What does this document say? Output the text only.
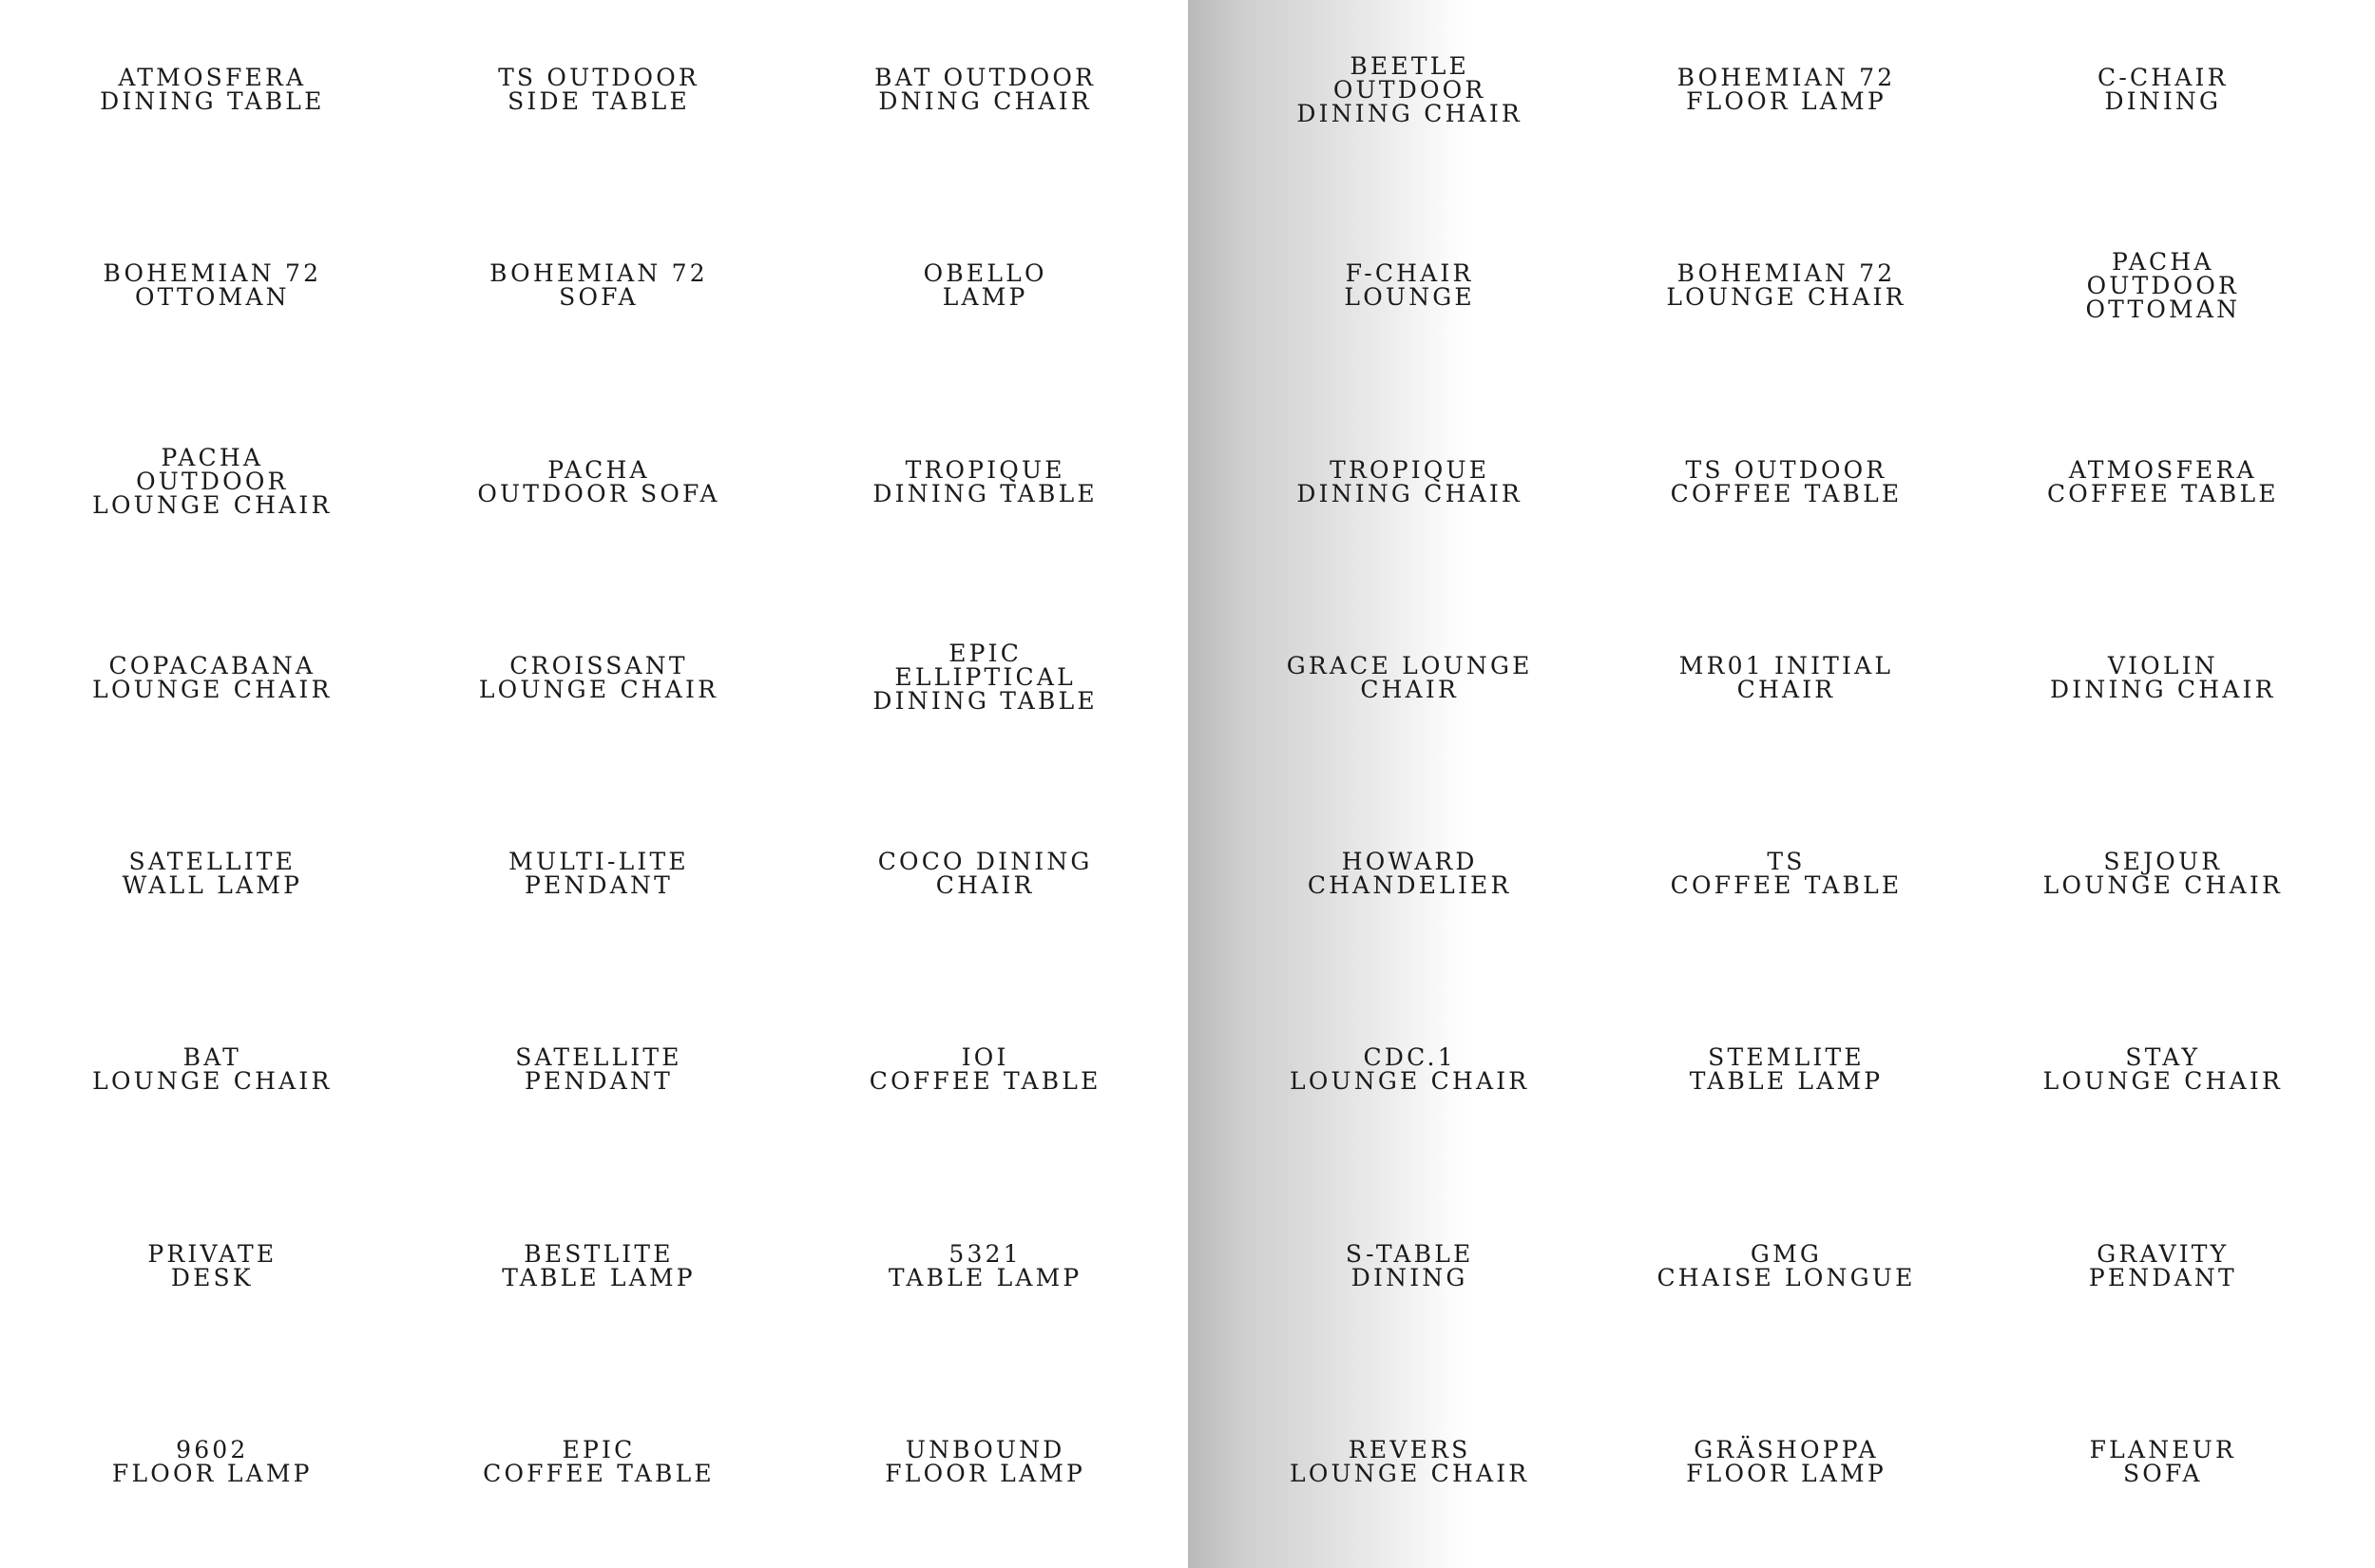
ATMOSFERA
DINING TABLE
TS OUTDOOR
SIDE TABLE
BAT OUTDOOR
DNING CHAIR
BOHEMIAN 72
OTTOMAN
BOHEMIAN 72
SOFA
OBELLO
LAMP
PACHA
OUTDOOR
LOUNGE CHAIR
PACHA
OUTDOOR SOFA
TROPIQUE
DINING TABLE
COPACABANA
LOUNGE CHAIR
CROISSANT
LOUNGE CHAIR
EPIC
ELLIPTICAL
DINING TABLE
SATELLITE
WALL LAMP
MULTI-LITE
PENDANT
COCO DINING
CHAIR
BAT
LOUNGE CHAIR
SATELLITE
PENDANT
IOI
COFFEE TABLE
PRIVATE
DESK
BESTLITE
TABLE LAMP
5321
TABLE LAMP
9602
FLOOR LAMP
EPIC
COFFEE TABLE
UNBOUND
FLOOR LAMP
BEETLE
OUTDOOR
DINING CHAIR
BOHEMIAN 72
FLOOR LAMP
C-CHAIR
DINING
F-CHAIR
LOUNGE
BOHEMIAN 72
LOUNGE CHAIR
PACHA
OUTDOOR
OTTOMAN
TROPIQUE
DINING CHAIR
TS OUTDOOR
COFFEE TABLE
ATMOSFERA
COFFEE TABLE
GRACE LOUNGE
CHAIR
MR01 INITIAL
CHAIR
VIOLIN
DINING CHAIR
HOWARD
CHANDELIER
TS
COFFEE TABLE
SEJOUR
LOUNGE CHAIR
CDC.1
LOUNGE CHAIR
STEMLITE
TABLE LAMP
STAY
LOUNGE CHAIR
S-TABLE
DINING
GMG
CHAISE LONGUE
GRAVITY
PENDANT
REVERS
LOUNGE CHAIR
GRÄSHOPPA
FLOOR LAMP
FLANEUR
SOFA
